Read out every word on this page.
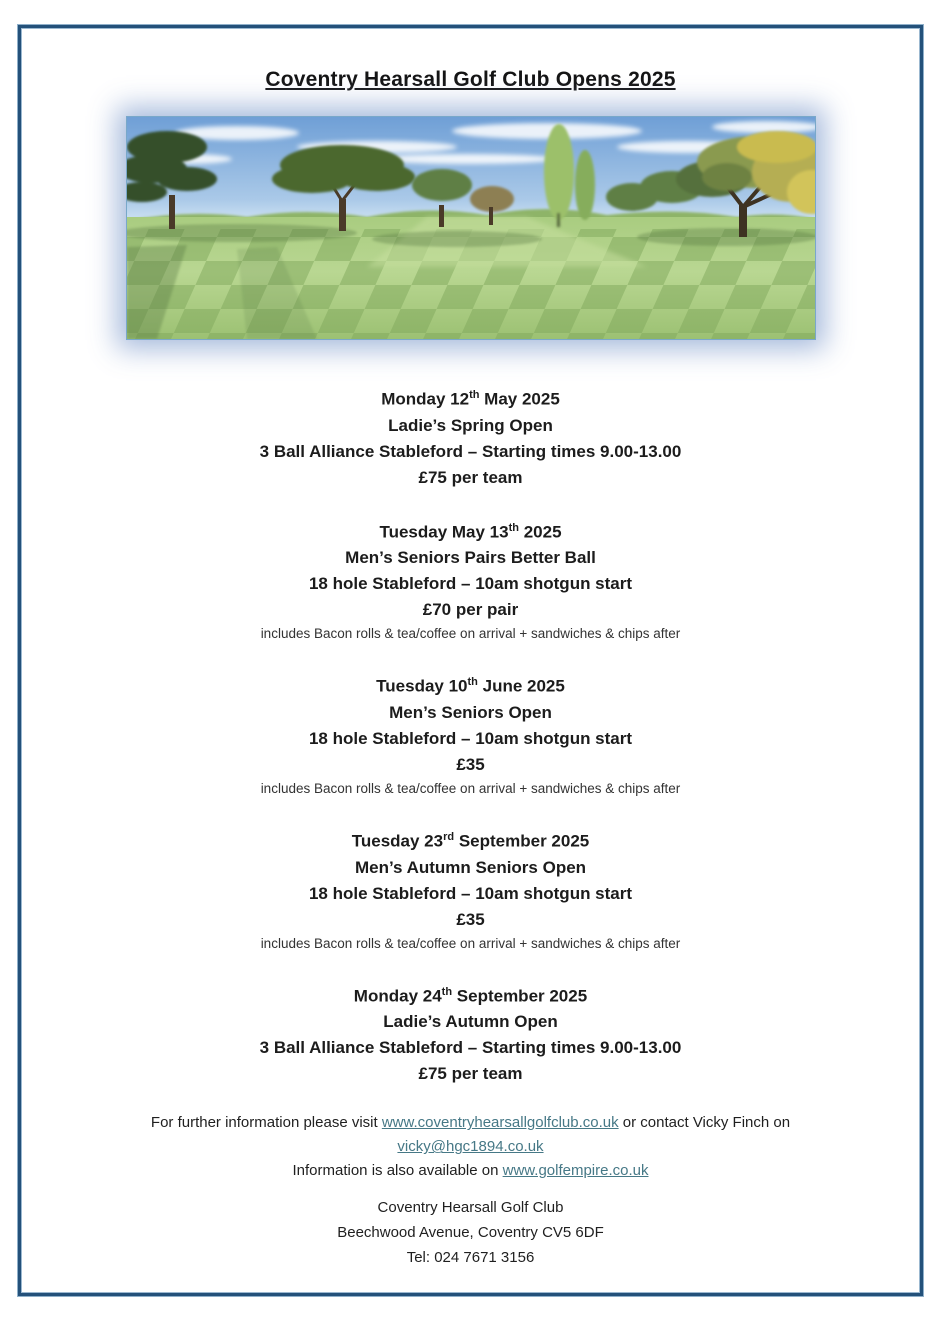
Coventry Hearsall Golf Club Opens 2025
Monday 12th May 2025
Ladie’s Spring Open
3 Ball Alliance Stableford – Starting times 9.00-13.00
£75 per team
Tuesday May 13th 2025
Men’s Seniors Pairs Better Ball
18 hole Stableford – 10am shotgun start
£70 per pair
includes Bacon rolls & tea/coffee on arrival + sandwiches & chips after
Tuesday 10th June 2025
Men’s Seniors Open
18 hole Stableford – 10am shotgun start
£35
includes Bacon rolls & tea/coffee on arrival + sandwiches & chips after
Tuesday 23rd September 2025
Men’s Autumn Seniors Open
18 hole Stableford – 10am shotgun start
£35
includes Bacon rolls & tea/coffee on arrival + sandwiches & chips after
Monday 24th September 2025
Ladie’s Autumn Open
3 Ball Alliance Stableford – Starting times 9.00-13.00
£75 per team
For further information please visit www.coventryhearsallgolfclub.co.uk or contact Vicky Finch on
vicky@hgc1894.co.uk
Information is also available on www.golfempire.co.uk
Coventry Hearsall Golf Club
Beechwood Avenue, Coventry CV5 6DF
Tel: 024 7671 3156
